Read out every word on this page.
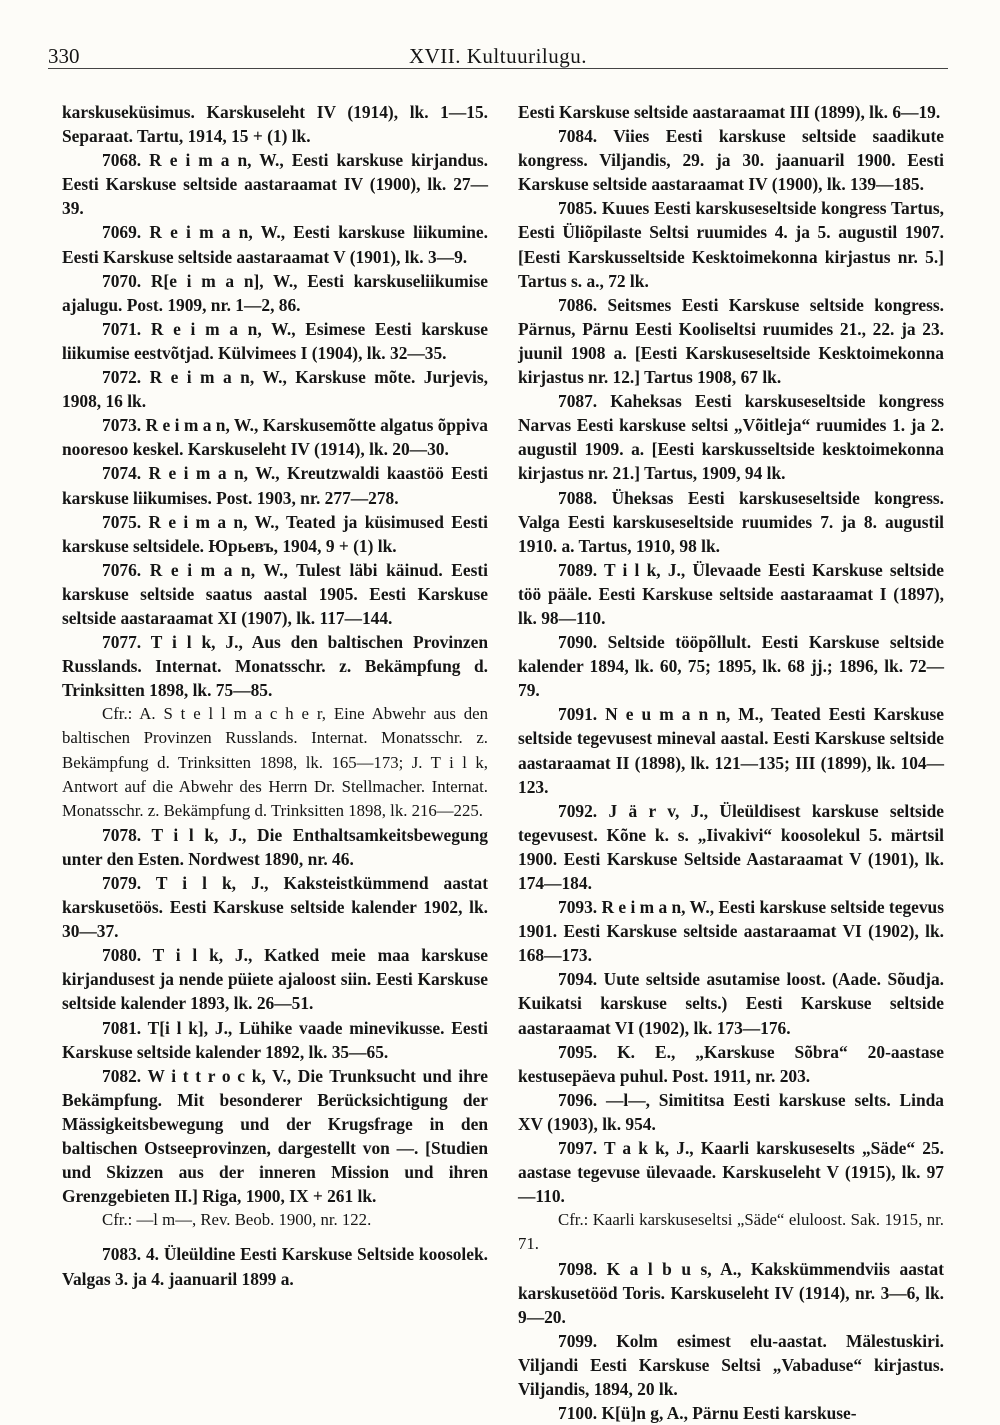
330	XVII. Kultuurilugu.

karskuseküsimus. Karskuseleht IV (1914), lk. 1—15. Separaat. Tartu, 1914, 15 + (1) lk.

7068. R e i m a n, W., Eesti karskuse kirjandus. Eesti Karskuse seltside aastaraamat IV (1900), lk. 27—39.

7069. R e i m a n, W., Eesti karskuse liikumine. Eesti Karskuse seltside aastaraamat V (1901), lk. 3—9.

7070. R[e i m a n], W., Eesti karskuseliikumise ajalugu. Post. 1909, nr. 1—2, 86.

7071. R e i m a n, W., Esimese Eesti karskuse liikumise eestvõtjad. Külvimees I (1904), lk. 32—35.

7072. R e i m a n, W., Karskuse mõte. Jurjevis, 1908, 16 lk.

7073. R e i m a n, W., Karskusemõtte algatus õppiva nooresoo keskel. Karskuseleht IV (1914), lk. 20—30.

7074. R e i m a n, W., Kreutzwaldi kaastöö Eesti karskuse liikumises. Post. 1903, nr. 277—278.

7075. R e i m a n, W., Teated ja küsimused Eesti karskuse seltsidele. Юрьевъ, 1904, 9 + (1) lk.

7076. R e i m a n, W., Tulest läbi käinud. Eesti karskuse seltside saatus aastal 1905. Eesti Karskuse seltside aastaraamat XI (1907), lk. 117—144.

7077. T i l k, J., Aus den baltischen Provinzen Russlands. Internat. Monatsschr. z. Bekämpfung d. Trinksitten 1898, lk. 75—85.

Cfr.: A. S t e l l m a c h e r, Eine Abwehr aus den baltischen Provinzen Russlands. Internat. Monatsschr. z. Bekämpfung d. Trinksitten 1898, lk. 165—173; J. T i l k, Antwort auf die Abwehr des Herrn Dr. Stellmacher. Internat. Monatsschr. z. Bekämpfung d. Trinksitten 1898, lk. 216—225.

7078. T i l k, J., Die Enthaltsamkeitsbewegung unter den Esten. Nordwest 1890, nr. 46.

7079. T i l k, J., Kaksteistkümmend aastat karskusetöös. Eesti Karskuse seltside kalender 1902, lk. 30—37.

7080. T i l k, J., Katked meie maa karskuse kirjandusest ja nende püiete ajaloost siin. Eesti Karskuse seltside kalender 1893, lk. 26—51.

7081. T[i l k], J., Lühike vaade minevikusse. Eesti Karskuse seltside kalender 1892, lk. 35—65.

7082. W i t t r o c k, V., Die Trunksucht und ihre Bekämpfung. Mit besonderer Berücksichtigung der Mässigkeitsbewegung und der Krugsfrage in den baltischen Ostseeprovinzen, dargestellt von —. [Studien und Skizzen aus der inneren Mission und ihren Grenzgebieten II.] Riga, 1900, IX + 261 lk.

Cfr.: —l m—, Rev. Beob. 1900, nr. 122.

7083. 4. Üleüldine Eesti Karskuse Seltside koosolek. Valgas 3. ja 4. jaanuaril 1899 a.

Eesti Karskuse seltside aastaraamat III (1899), lk. 6—19.

7084. Viies Eesti karskuse seltside saadikute kongress. Viljandis, 29. ja 30. jaanuaril 1900. Eesti Karskuse seltside aastaraamat IV (1900), lk. 139—185.

7085. Kuues Eesti karskuseseltside kongress Tartus, Eesti Üliõpilaste Seltsi ruumides 4. ja 5. augustil 1907. [Eesti Karskusseltside Kesktoimekonna kirjastus nr. 5.] Tartus s. a., 72 lk.

7086. Seitsmes Eesti Karskuse seltside kongress. Pärnus, Pärnu Eesti Kooliseltsi ruumides 21., 22. ja 23. juunil 1908 a. [Eesti Karskuseseltside Kesktoimekonna kirjastus nr. 12.] Tartus 1908, 67 lk.

7087. Kaheksas Eesti karskuseseltside kongress Narvas Eesti karskuse seltsi „Võitleja“ ruumides 1. ja 2. augustil 1909. a. [Eesti karskusseltside kesktoimekonna kirjastus nr. 21.] Tartus, 1909, 94 lk.

7088. Üheksas Eesti karskuseseltside kongress. Valga Eesti karskuseseltside ruumides 7. ja 8. augustil 1910. a. Tartus, 1910, 98 lk.

7089. T i l k, J., Ülevaade Eesti Karskuse seltside töö pääle. Eesti Karskuse seltside aastaraamat I (1897), lk. 98—110.

7090. Seltside tööpõllult. Eesti Karskuse seltside kalender 1894, lk. 60, 75; 1895, lk. 68 jj.; 1896, lk. 72—79.

7091. N e u m a n n, M., Teated Eesti Karskuse seltside tegevusest mineval aastal. Eesti Karskuse seltside aastaraamat II (1898), lk. 121—135; III (1899), lk. 104—123.

7092. J ä r v, J., Üleüldisest karskuse seltside tegevusest. Kõne k. s. „Iivakivi“ koosolekul 5. märtsil 1900. Eesti Karskuse Seltside Aastaraamat V (1901), lk. 174—184.

7093. R e i m a n, W., Eesti karskuse seltside tegevus 1901. Eesti Karskuse seltside aastaraamat VI (1902), lk. 168—173.

7094. Uute seltside asutamise loost. (Aade. Sõudja. Kuikatsi karskuse selts.) Eesti Karskuse seltside aastaraamat VI (1902), lk. 173—176.

7095. K. E., „Karskuse Sõbra“ 20-aastase kestusepäeva puhul. Post. 1911, nr. 203.

7096. —l—, Simititsa Eesti karskuse selts. Linda XV (1903), lk. 954.

7097. T a k k, J., Kaarli karskuseselts „Säde“ 25. aastase tegevuse ülevaade. Karskuseleht V (1915), lk. 97—110.

Cfr.: Kaarli karskuseseltsi „Säde“ eluloost. Sak. 1915, nr. 71.

7098. K a l b u s, A., Kakskümmendviis aastat karskusetööd Toris. Karskuseleht IV (1914), nr. 3—6, lk. 9—20.

7099. Kolm esimest elu-aastat. Mälestuskiri. Viljandi Eesti Karskuse Seltsi „Vabaduse“ kirjastus. Viljandis, 1894, 20 lk.

7100. K[ü]n g, A., Pärnu Eesti karskuse-
